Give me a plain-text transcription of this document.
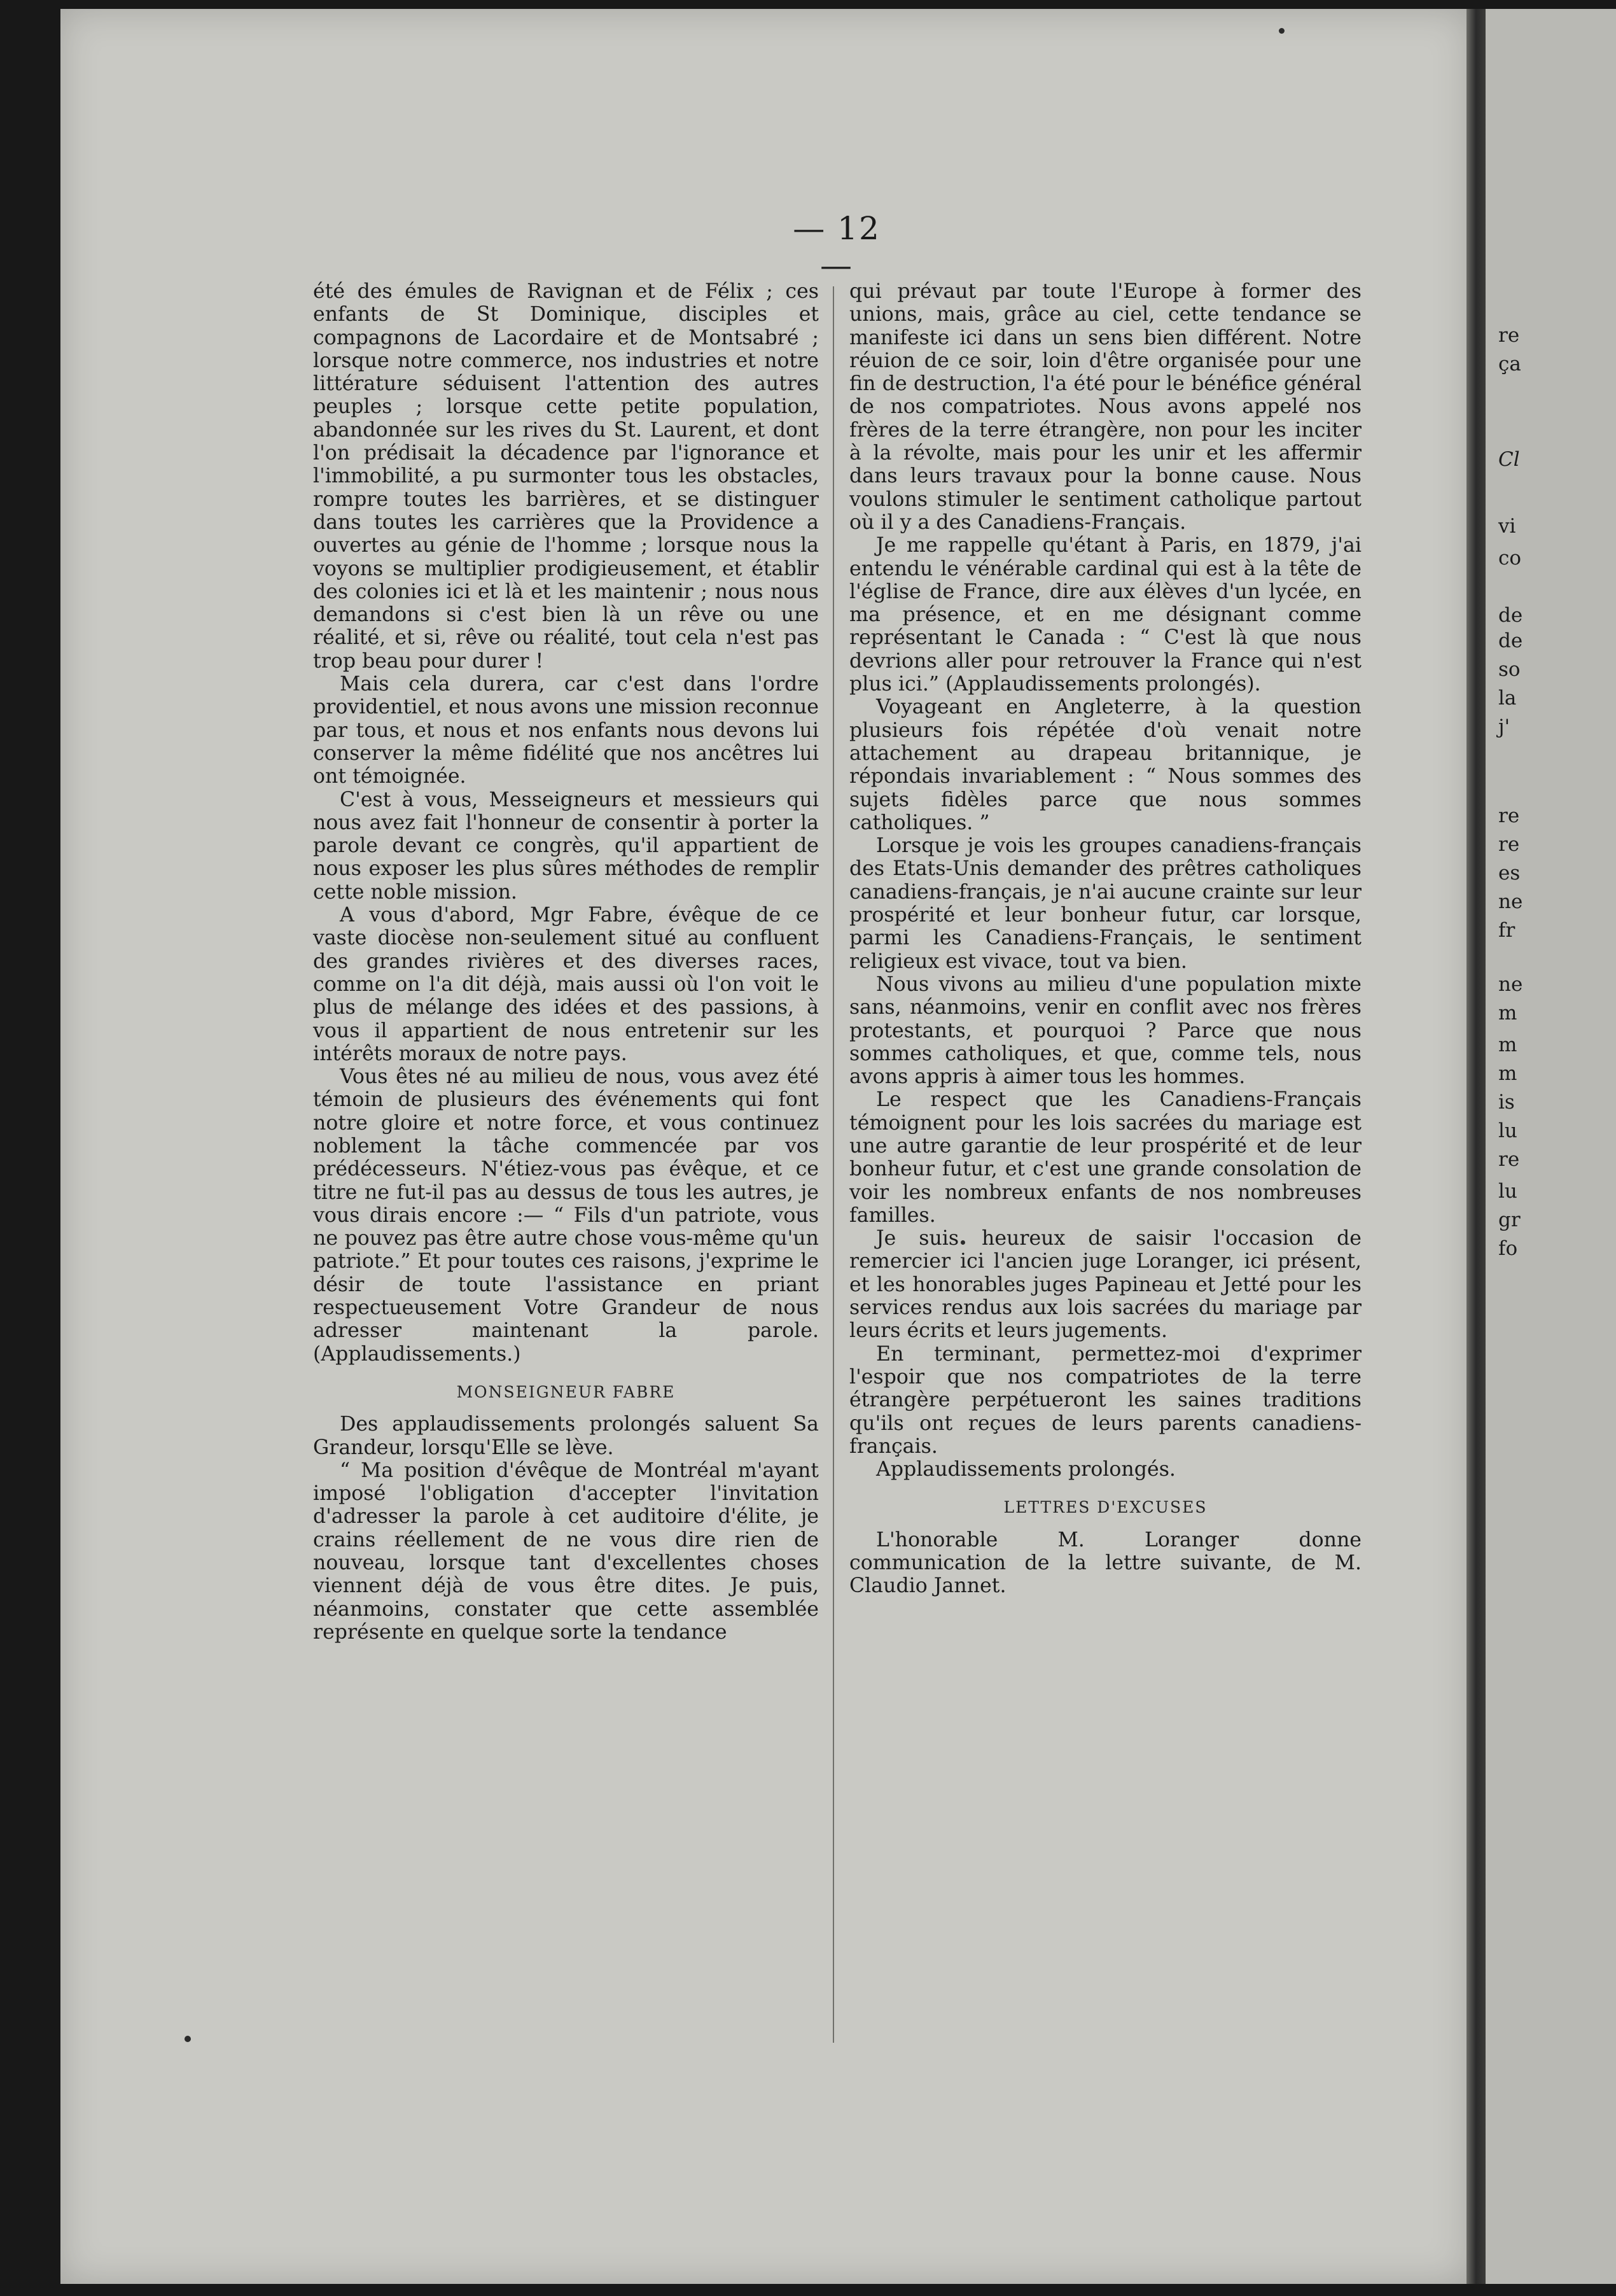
re
ça
Cl
vi
co
de
de
so
la
j'
re
re
es
ne
fr
ne
m
m
m
is
lu
re
lu
gr
fo
— 12 —

été des émules de Ravignan et de Félix ; ces enfants de St Dominique, disciples et compagnons de Lacordaire et de Montsabré ; lorsque notre commerce, nos industries et notre littérature séduisent l'attention des autres peuples ; lorsque cette petite population, abandonnée sur les rives du St. Laurent, et dont l'on prédisait la décadence par l'ignorance et l'immobilité, a pu surmonter tous les obstacles, rompre toutes les barrières, et se distinguer dans toutes les carrières que la Providence a ouvertes au génie de l'homme ; lorsque nous la voyons se multiplier prodigieusement, et établir des colonies ici et là et les maintenir ; nous nous demandons si c'est bien là un rêve ou une réalité, et si, rêve ou réalité, tout cela n'est pas trop beau pour durer !

Mais cela durera, car c'est dans l'ordre providentiel, et nous avons une mission reconnue par tous, et nous et nos enfants nous devons lui conserver la même fidélité que nos ancêtres lui ont témoignée.

C'est à vous, Messeigneurs et messieurs qui nous avez fait l'honneur de consentir à porter la parole devant ce congrès, qu'il appartient de nous exposer les plus sûres méthodes de remplir cette noble mission.

A vous d'abord, Mgr Fabre, évêque de ce vaste diocèse non-seulement situé au confluent des grandes rivières et des diverses races, comme on l'a dit déjà, mais aussi où l'on voit le plus de mélange des idées et des passions, à vous il appartient de nous entretenir sur les intérêts moraux de notre pays.

Vous êtes né au milieu de nous, vous avez été témoin de plusieurs des événements qui font notre gloire et notre force, et vous continuez noblement la tâche commencée par vos prédécesseurs. N'étiez-vous pas évêque, et ce titre ne fut-il pas au dessus de tous les autres, je vous dirais encore :— “ Fils d'un patriote, vous ne pouvez pas être autre chose vous-même qu'un patriote.” Et pour toutes ces raisons, j'exprime le désir de toute l'assistance en priant respectueusement Votre Grandeur de nous adresser maintenant la parole. (Applaudissements.)

MONSEIGNEUR FABRE

Des applaudissements prolongés saluent Sa Grandeur, lorsqu'Elle se lève.

“ Ma position d'évêque de Montréal m'ayant imposé l'obligation d'accepter l'invitation d'adresser la parole à cet auditoire d'élite, je crains réellement de ne vous dire rien de nouveau, lorsque tant d'excellentes choses viennent déjà de vous être dites. Je puis, néanmoins, constater que cette assemblée représente en quelque sorte la tendance

qui prévaut par toute l'Europe à former des unions, mais, grâce au ciel, cette tendance se manifeste ici dans un sens bien différent. Notre réuion de ce soir, loin d'être organisée pour une fin de destruction, l'a été pour le bénéfice général de nos compatriotes. Nous avons appelé nos frères de la terre étrangère, non pour les inciter à la révolte, mais pour les unir et les affermir dans leurs travaux pour la bonne cause. Nous voulons stimuler le sentiment catholique partout où il y a des Canadiens-Français.

Je me rappelle qu'étant à Paris, en 1879, j'ai entendu le vénérable cardinal qui est à la tête de l'église de France, dire aux élèves d'un lycée, en ma présence, et en me désignant comme représentant le Canada : “ C'est là que nous devrions aller pour retrouver la France qui n'est plus ici.” (Applaudissements prolongés).

Voyageant en Angleterre, à la question plusieurs fois répétée d'où venait notre attachement au drapeau britannique, je répondais invariablement : “ Nous sommes des sujets fidèles parce que nous sommes catholiques. ”

Lorsque je vois les groupes canadiens-français des Etats-Unis demander des prêtres catholiques canadiens-français, je n'ai aucune crainte sur leur prospérité et leur bonheur futur, car lorsque, parmi les Canadiens-Français, le sentiment religieux est vivace, tout va bien.

Nous vivons au milieu d'une population mixte sans, néanmoins, venir en conflit avec nos frères protestants, et pourquoi ? Parce que nous sommes catholiques, et que, comme tels, nous avons appris à aimer tous les hommes.

Le respect que les Canadiens-Français témoignent pour les lois sacrées du mariage est une autre garantie de leur prospérité et de leur bonheur futur, et c'est une grande consolation de voir les nombreux enfants de nos nombreuses familles.

Je suis heureux de saisir l'occasion de remercier ici l'ancien juge Loranger, ici présent, et les honorables juges Papineau et Jetté pour les services rendus aux lois sacrées du mariage par leurs écrits et leurs jugements.

En terminant, permettez-moi d'exprimer l'espoir que nos compatriotes de la terre étrangère perpétueront les saines traditions qu'ils ont reçues de leurs parents canadiens-français.

Applaudissements prolongés.

LETTRES D'EXCUSES

L'honorable M. Loranger donne communication de la lettre suivante, de M. Claudio Jannet.
